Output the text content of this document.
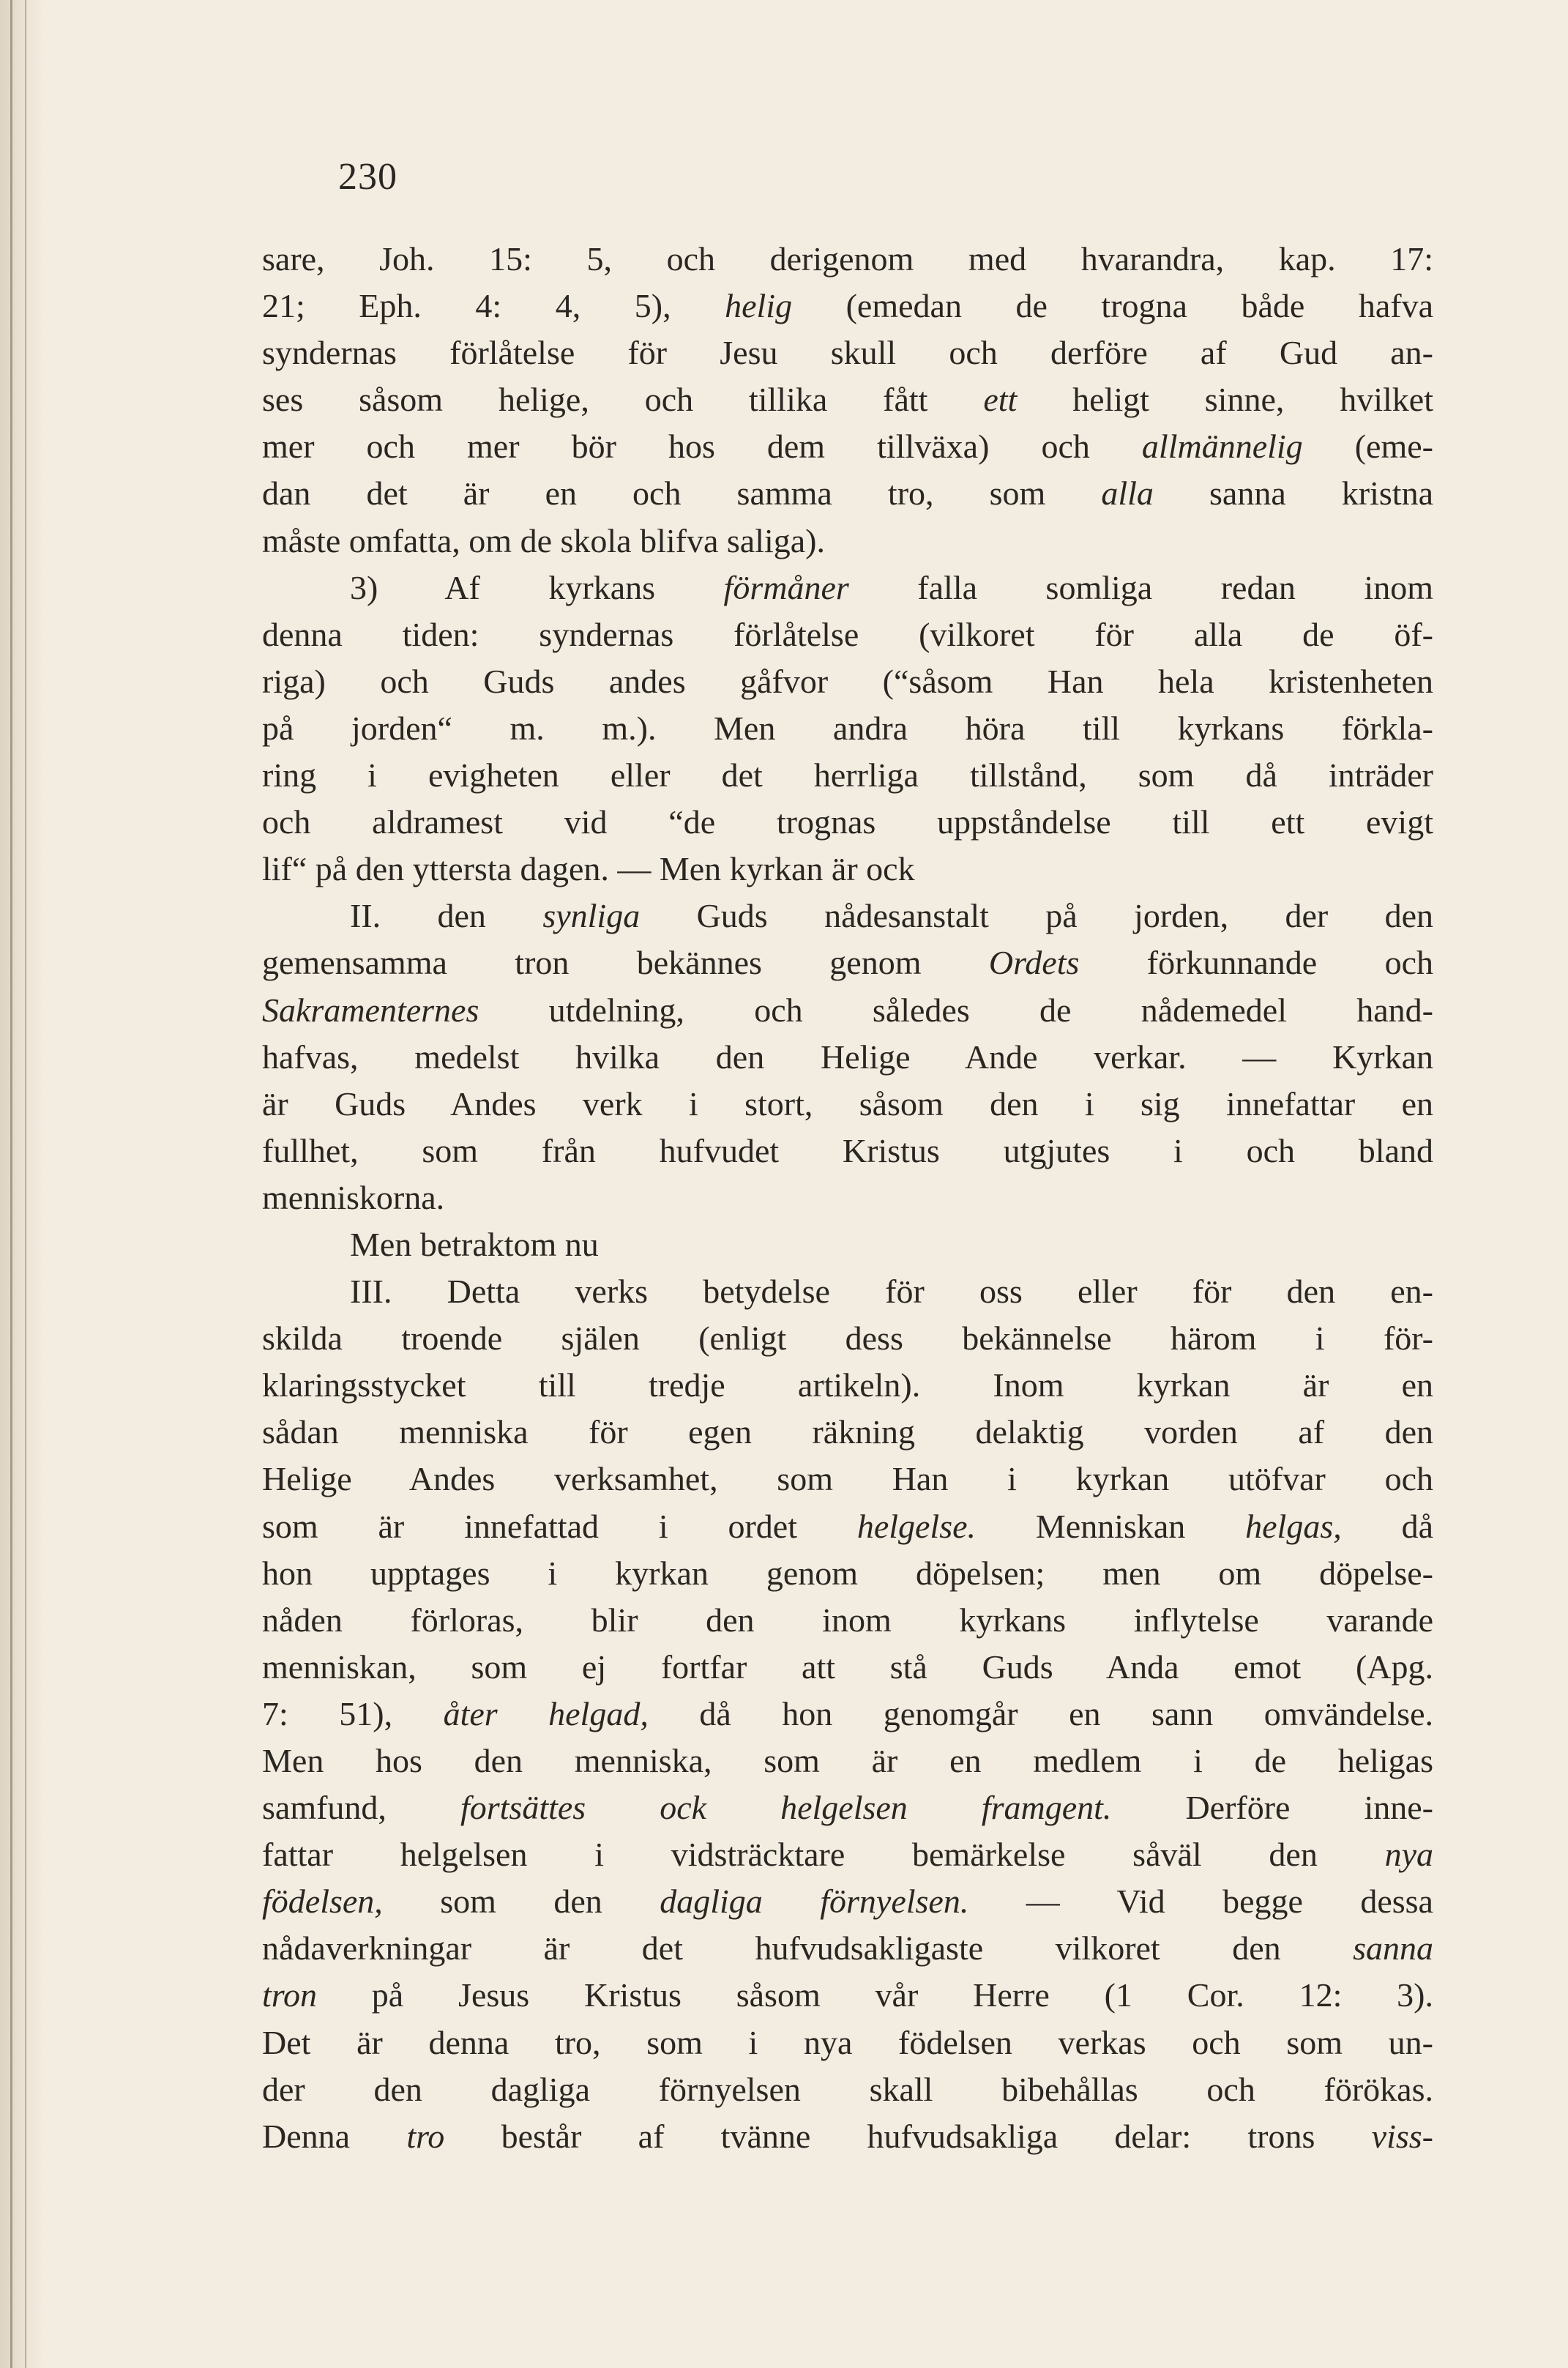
230
sare, Joh. 15: 5, och derigenom med hvarandra, kap. 17:
21; Eph. 4: 4, 5), helig (emedan de trogna både hafva
syndernas förlåtelse för Jesu skull och derföre af Gud an-
ses såsom helige, och tillika fått ett heligt sinne, hvilket
mer och mer bör hos dem tillväxa) och allmännelig (eme-
dan det är en och samma tro, som alla sanna kristna
måste omfatta, om de skola blifva saliga).
3) Af kyrkans förmåner falla somliga redan inom
denna tiden: syndernas förlåtelse (vilkoret för alla de öf-
riga) och Guds andes gåfvor (“såsom Han hela kristenheten
på jorden“ m. m.). Men andra höra till kyrkans förkla-
ring i evigheten eller det herrliga tillstånd, som då inträder
och aldramest vid “de trognas uppståndelse till ett evigt
lif“ på den yttersta dagen. — Men kyrkan är ock
II. den synliga Guds nådesanstalt på jorden, der den
gemensamma tron bekännes genom Ordets förkunnande och
Sakramenternes utdelning, och således de nådemedel hand-
hafvas, medelst hvilka den Helige Ande verkar. — Kyrkan
är Guds Andes verk i stort, såsom den i sig innefattar en
fullhet, som från hufvudet Kristus utgjutes i och bland
menniskorna.
Men betraktom nu
III. Detta verks betydelse för oss eller för den en-
skilda troende själen (enligt dess bekännelse härom i för-
klaringsstycket till tredje artikeln). Inom kyrkan är en
sådan menniska för egen räkning delaktig vorden af den
Helige Andes verksamhet, som Han i kyrkan utöfvar och
som är innefattad i ordet helgelse. Menniskan helgas, då
hon upptages i kyrkan genom döpelsen; men om döpelse-
nåden förloras, blir den inom kyrkans inflytelse varande
menniskan, som ej fortfar att stå Guds Anda emot (Apg.
7: 51), åter helgad, då hon genomgår en sann omvändelse.
Men hos den menniska, som är en medlem i de heligas
samfund, fortsättes ock helgelsen framgent. Derföre inne-
fattar helgelsen i vidsträcktare bemärkelse såväl den nya
födelsen, som den dagliga förnyelsen. — Vid begge dessa
nådaverkningar är det hufvudsakligaste vilkoret den sanna
tron på Jesus Kristus såsom vår Herre (1 Cor. 12: 3).
Det är denna tro, som i nya födelsen verkas och som un-
der den dagliga förnyelsen skall bibehållas och förökas.
Denna tro består af tvänne hufvudsakliga delar: trons viss-
